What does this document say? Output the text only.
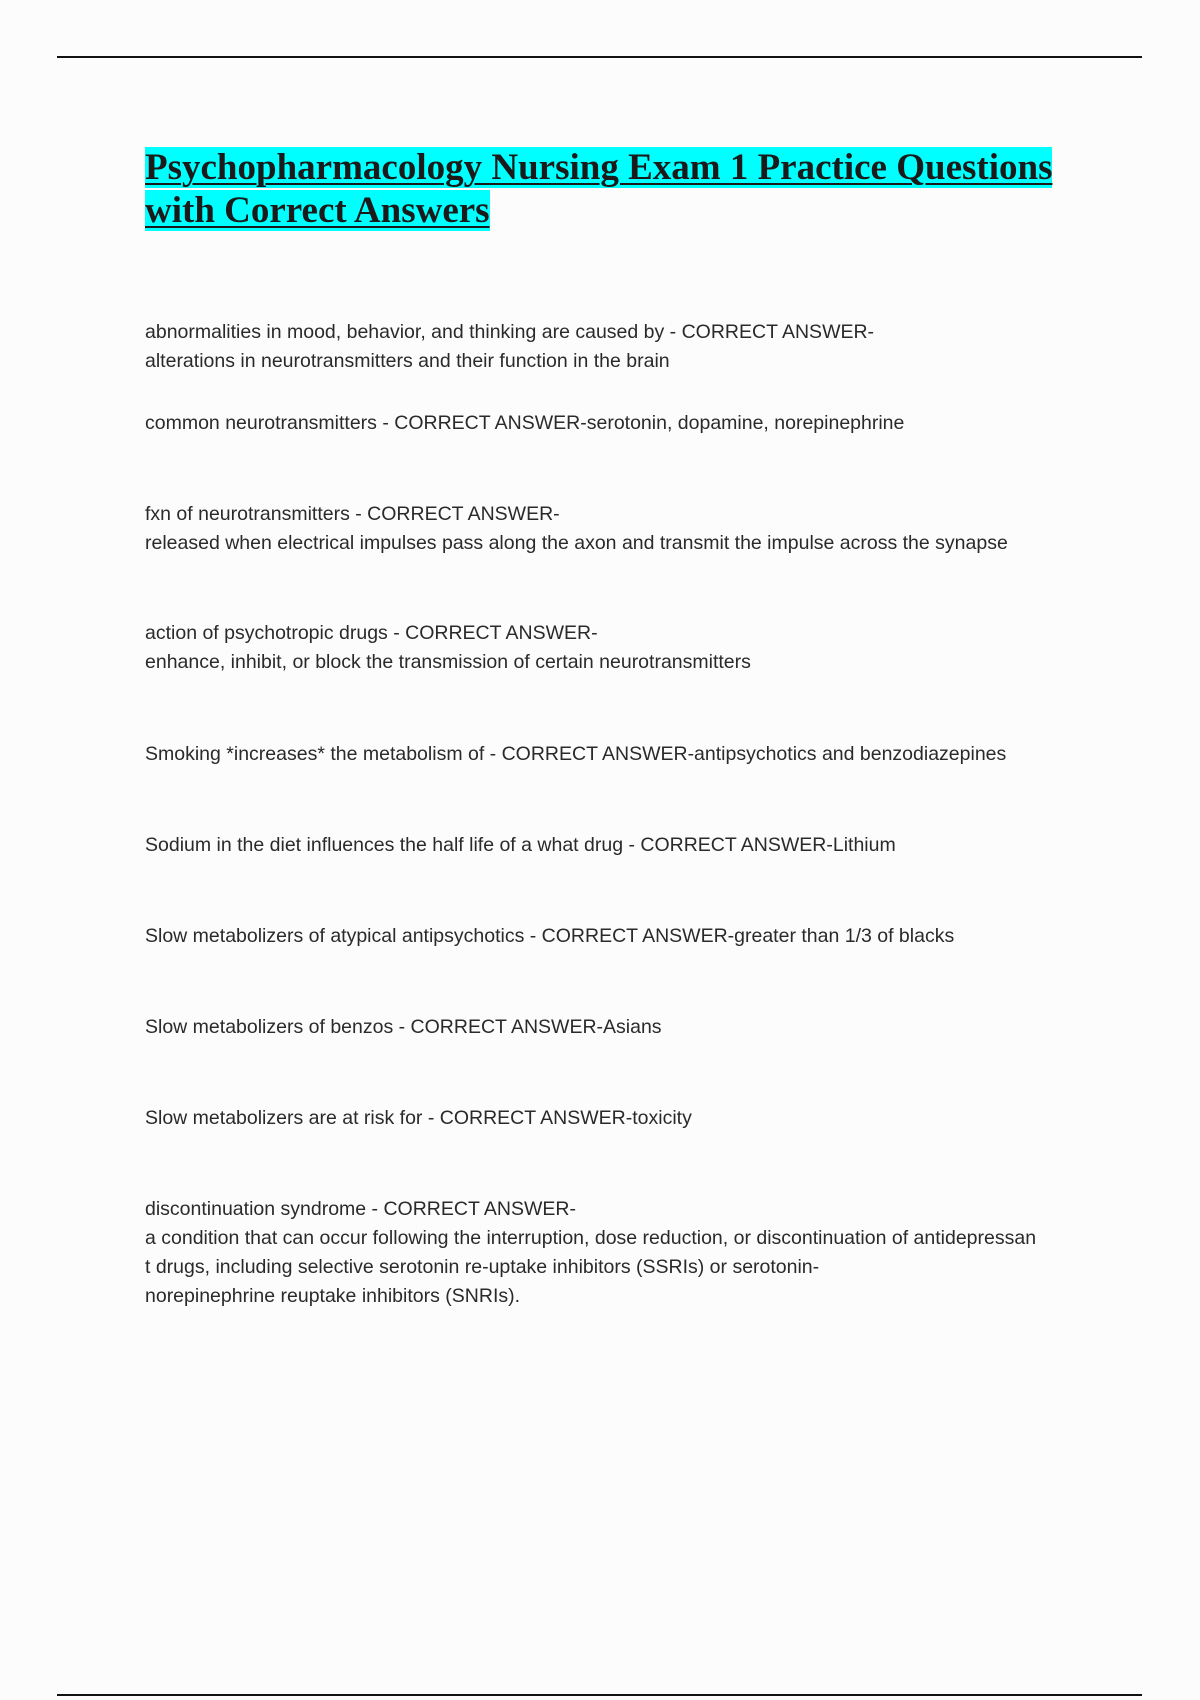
Psychopharmacology Nursing Exam 1 Practice Questions
with Correct Answers
abnormalities in mood, behavior, and thinking are caused by - CORRECT ANSWER-
alterations in neurotransmitters and their function in the brain
common neurotransmitters - CORRECT ANSWER-serotonin, dopamine, norepinephrine
fxn of neurotransmitters - CORRECT ANSWER-
released when electrical impulses pass along the axon and transmit the impulse across the synapse
action of psychotropic drugs - CORRECT ANSWER-
enhance, inhibit, or block the transmission of certain neurotransmitters
Smoking *increases* the metabolism of - CORRECT ANSWER-antipsychotics and benzodiazepines
Sodium in the diet influences the half life of a what drug - CORRECT ANSWER-Lithium
Slow metabolizers of atypical antipsychotics - CORRECT ANSWER-greater than 1/3 of blacks
Slow metabolizers of benzos - CORRECT ANSWER-Asians
Slow metabolizers are at risk for - CORRECT ANSWER-toxicity
discontinuation syndrome - CORRECT ANSWER-
a condition that can occur following the interruption, dose reduction, or discontinuation of antidepressan
t drugs, including selective serotonin re-uptake inhibitors (SSRIs) or serotonin-
norepinephrine reuptake inhibitors (SNRIs).
